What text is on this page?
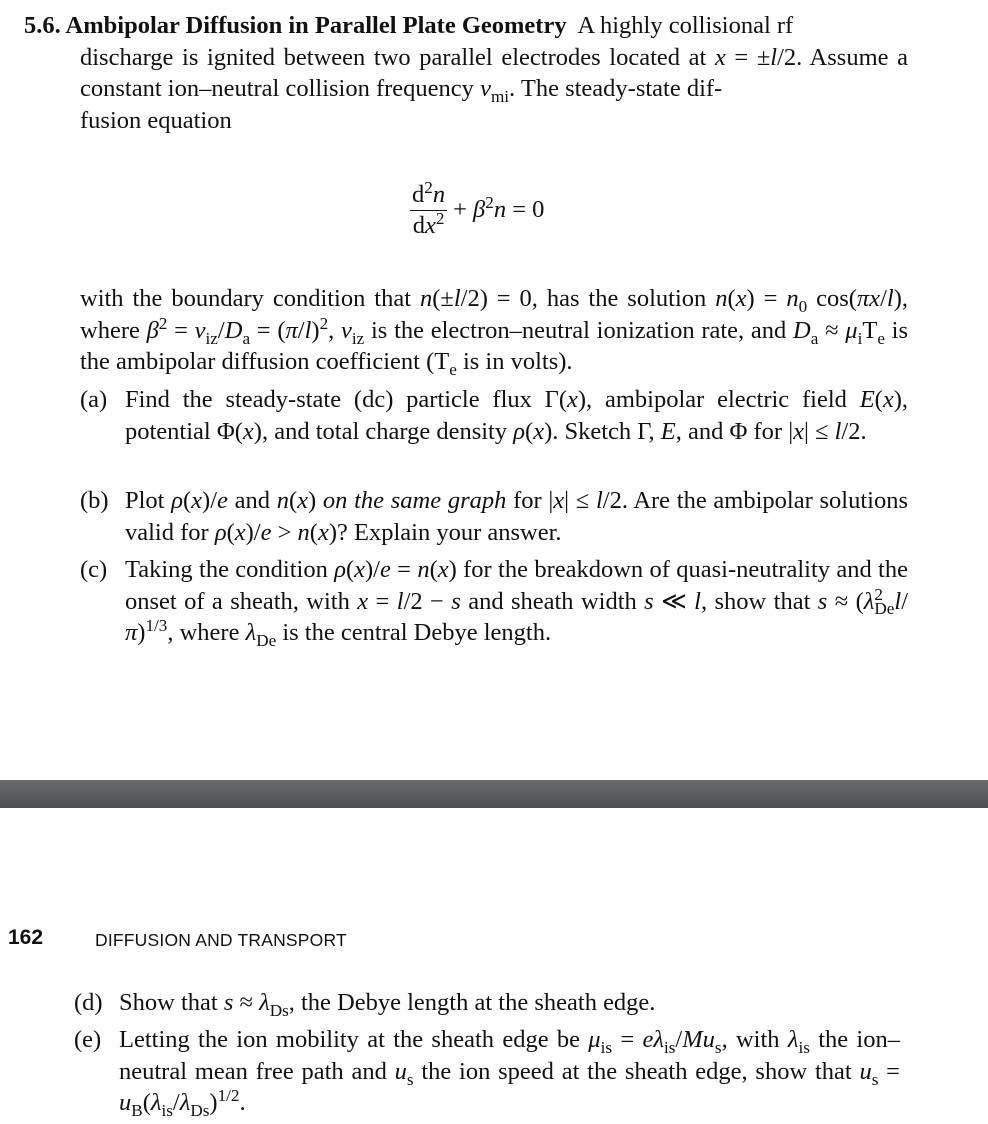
5.6. Ambipolar Diffusion in Parallel Plate Geometry A highly collisional rf
discharge is ignited between two parallel electrodes located at x = ±l/2. Assume a constant ion–neutral collision frequency $\nu_{mi}$. The steady-state dif-
fusion equation
$\frac{d^2n}{dx^2} + \beta^2n = 0$
with the boundary condition that n(±l/2) = 0, has the solution $n(x) = n_0$ cos(πx/l), where $\beta^2 = \nu_{iz}/D_a = (\pi/l)^2$, $\nu_{iz}$ is the electron–neutral ionization rate, and $D_a \approx \mu_iT_e$ is the ambipolar diffusion coefficient ($T_e$ is in volts).
(a) Find the steady-state (dc) particle flux Γ(x), ambipolar electric field E(x), potential Φ(x), and total charge density ρ(x). Sketch Γ, E, and Φ for |x| ≤ l/2.
(b) Plot ρ(x)/e and n(x) on the same graph for |x| ≤ l/2. Are the ambipolar solutions valid for ρ(x)/e > n(x)? Explain your answer.
(c) Taking the condition ρ(x)/e = n(x) for the breakdown of quasi-neutrality and the onset of a sheath, with x = l/2 − s and sheath width s ≪ l, show that $s \approx (\lambda^2_{De}l/\pi)^{1/3}$, where $\lambda_{De}$ is the central Debye length.
162	DIFFUSION AND TRANSPORT
(d) Show that $s \approx \lambda_{Ds}$, the Debye length at the sheath edge.
(e) Letting the ion mobility at the sheath edge be $\mu_{is} = e\lambda_{is}/Mu_s$, with $\lambda_{is}$ the ion–neutral mean free path and $u_s$ the ion speed at the sheath edge, show that $u_s = u_B(\lambda_{is}/\lambda_{Ds})^{1/2}$.
